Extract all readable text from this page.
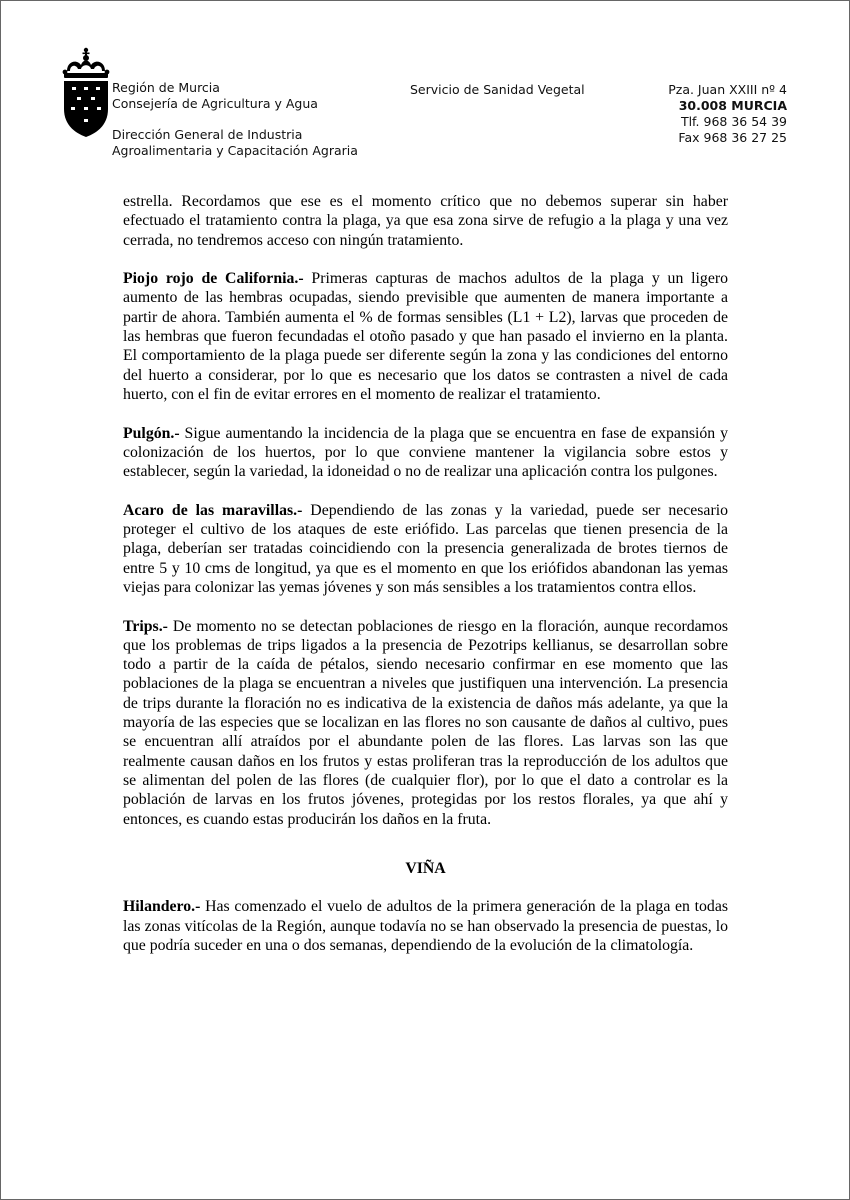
Región de Murcia
Consejería de Agricultura y Agua
Dirección General de Industria
Agroalimentaria y Capacitación Agraria
Servicio de Sanidad Vegetal	Pza. Juan XXIII nº 4
30.008 MURCIA
Tlf. 968 36 54 39
Fax 968 36 27 25

estrella. Recordamos que ese es el momento crítico que no debemos superar sin haber efectuado el tratamiento contra la plaga, ya que esa zona sirve de refugio a la plaga y una vez cerrada, no tendremos acceso con ningún tratamiento.

Piojo rojo de California.- Primeras capturas de machos adultos de la plaga y un ligero aumento de las hembras ocupadas, siendo previsible que aumenten de manera importante a partir de ahora. También aumenta el % de formas sensibles (L1 + L2), larvas que proceden de las hembras que fueron fecundadas el otoño pasado y que han pasado el invierno en la planta. El comportamiento de la plaga puede ser diferente según la zona y las condiciones del entorno del huerto a considerar, por lo que es necesario que los datos se contrasten a nivel de cada huerto, con el fin de evitar errores en el momento de realizar el tratamiento.

Pulgón.- Sigue aumentando la incidencia de la plaga que se encuentra en fase de expansión y colonización de los huertos, por lo que conviene mantener la vigilancia sobre estos y establecer, según la variedad, la idoneidad o no de realizar una aplicación contra los pulgones.

Acaro de las maravillas.- Dependiendo de las zonas y la variedad, puede ser necesario proteger el cultivo de los ataques de este eriófido. Las parcelas que tienen presencia de la plaga, deberían ser tratadas coincidiendo con la presencia generalizada de brotes tiernos de entre 5 y 10 cms de longitud, ya que es el momento en que los eriófidos abandonan las yemas viejas para colonizar las yemas jóvenes y son más sensibles a los tratamientos contra ellos.

Trips.- De momento no se detectan poblaciones de riesgo en la floración, aunque recordamos que los problemas de trips ligados a la presencia de Pezotrips kellianus, se desarrollan sobre todo a partir de la caída de pétalos, siendo necesario confirmar en ese momento que las poblaciones de la plaga se encuentran a niveles que justifiquen una intervención. La presencia de trips durante la floración no es indicativa de la existencia de daños más adelante, ya que la mayoría de las especies que se localizan en las flores no son causante de daños al cultivo, pues se encuentran allí atraídos por el abundante polen de las flores. Las larvas son las que realmente causan daños en los frutos y estas proliferan tras la reproducción de los adultos que se alimentan del polen de las flores (de cualquier flor), por lo que el dato a controlar es la población de larvas en los frutos jóvenes, protegidas por los restos florales, ya que ahí y entonces, es cuando estas producirán los daños en la fruta.

VIÑA

Hilandero.- Has comenzado el vuelo de adultos de la primera generación de la plaga en todas las zonas vitícolas de la Región, aunque todavía no se han observado la presencia de puestas, lo que podría suceder en una o dos semanas, dependiendo de la evolución de la climatología.
